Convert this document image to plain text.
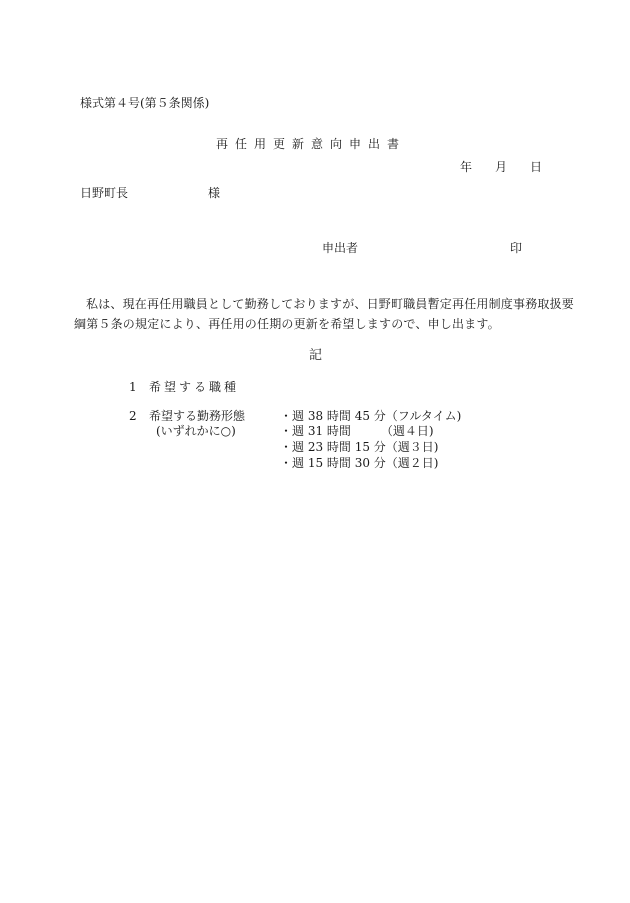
様式第４号(第５条関係)
再任用更新意向申出書
年 月 日
日野町長	様
申出者	印
私は、現在再任用職員として勤務しておりますが、日野町職員暫定再任用制度事務取扱要
綱第５条の規定により、再任用の任期の更新を希望しますので、申し出ます。
記
1 希望する職種
2 希望する勤務形態
(いずれかに○)
・週 38 時間 45 分（フルタイム)
・週 31 時間　　　（週４日)
・週 23 時間 15 分（週３日)
・週 15 時間 30 分（週２日)
